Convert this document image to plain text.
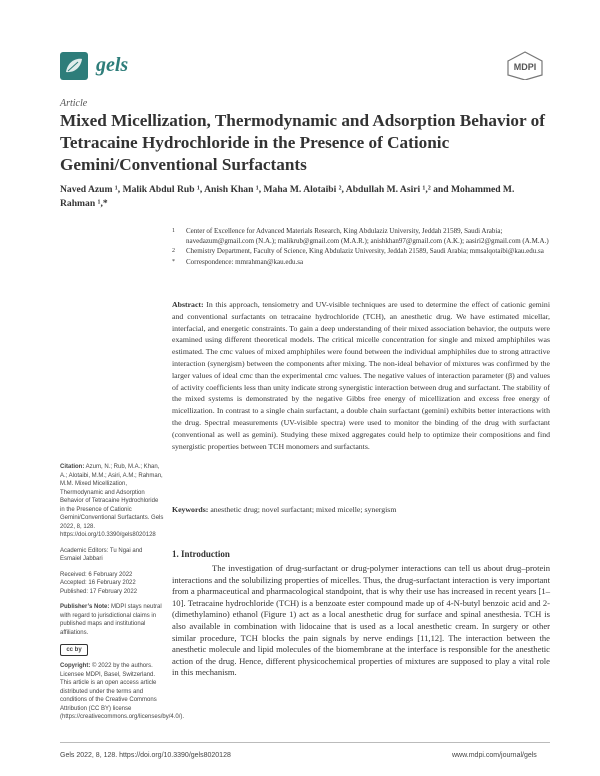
gels	MDPI
Article
Mixed Micellization, Thermodynamic and Adsorption Behavior of Tetracaine Hydrochloride in the Presence of Cationic Gemini/Conventional Surfactants
Naved Azum ¹, Malik Abdul Rub ¹, Anish Khan ¹, Maha M. Alotaibi ², Abdullah M. Asiri ¹,² and Mohammed M. Rahman ¹,*
1 Center of Excellence for Advanced Materials Research, King Abdulaziz University, Jeddah 21589, Saudi Arabia; navedazum@gmail.com (N.A.); malikrub@gmail.com (M.A.R.); anishkhan97@gmail.com (A.K.); aasiri2@gmail.com (A.M.A.)
2 Chemistry Department, Faculty of Science, King Abdulaziz University, Jeddah 21589, Saudi Arabia; mmsalqotaibi@kau.edu.sa
* Correspondence: mmrahman@kau.edu.sa
Abstract: In this approach, tensiometry and UV-visible techniques are used to determine the effect of cationic gemini and conventional surfactants on tetracaine hydrochloride (TCH), an anesthetic drug. We have estimated micellar, interfacial, and energetic constraints. To gain a deep understanding of their mixed association behavior, the outputs were examined using different theoretical models. The critical micelle concentration for single and mixed amphiphiles was estimated. The cmc values of mixed amphiphiles were found between the individual amphiphiles due to strong attractive interaction (synergism) between the components after mixing. The non-ideal behavior of mixtures was confirmed by the larger values of ideal cmc than the experimental cmc values. The negative values of interaction parameter (β) and values of activity coefficients less than unity indicate strong synergistic interaction between drug and surfactant. The stability of the mixed systems is demonstrated by the negative Gibbs free energy of micellization and excess free energy of micellization. In contrast to a single chain surfactant, a double chain surfactant (gemini) exhibits better interactions with the drug. Spectral measurements (UV-visible spectra) were used to monitor the binding of the drug with surfactant (conventional as well as gemini). Studying these mixed aggregates could help to optimize their compositions and find synergistic properties between TCH monomers and surfactants.
Keywords: anesthetic drug; novel surfactant; mixed micelle; synergism

Citation: Azum, N.; Rub, M.A.; Khan, A.; Alotaibi, M.M.; Asiri, A.M.; Rahman, M.M. Mixed Micellization, Thermodynamic and Adsorption Behavior of Tetracaine Hydrochloride in the Presence of Cationic Gemini/Conventional Surfactants. Gels 2022, 8, 128. https://doi.org/10.3390/gels8020128

Academic Editors: Tu Ngai and Esmaiel Jabbari

Received: 6 February 2022
Accepted: 16 February 2022
Published: 17 February 2022

Publisher’s Note: MDPI stays neutral with regard to jurisdictional claims in published maps and institutional affiliations.

cc by

Copyright: © 2022 by the authors. Licensee MDPI, Basel, Switzerland. This article is an open access article distributed under the terms and conditions of the Creative Commons Attribution (CC BY) license (https://creativecommons.org/licenses/by/4.0/).

1. Introduction
The investigation of drug-surfactant or drug-polymer interactions can tell us about drug–protein interactions and the solubilizing properties of micelles. Thus, the drug-surfactant interaction is very important from a pharmaceutical and pharmacological standpoint, that is why their use has increased in recent years [1–10]. Tetracaine hydrochloride (TCH) is a benzoate ester compound made up of 4-N-butyl benzoic acid and 2-(dimethylamino) ethanol (Figure 1) act as a local anesthetic drug for surface and spinal anesthesia. TCH is also available in combination with lidocaine that is used as a local anesthetic cream. In surgery or other similar procedure, TCH blocks the pain signals by nerve endings [11,12]. The interaction between the anesthetic molecule and lipid molecules of the biomembrane at the interface is responsible for the anesthetic action of the drug. Hence, different physicochemical properties of mixtures are supposed to play a vital role in this mechanism.
Gels 2022, 8, 128. https://doi.org/10.3390/gels8020128	www.mdpi.com/journal/gels
